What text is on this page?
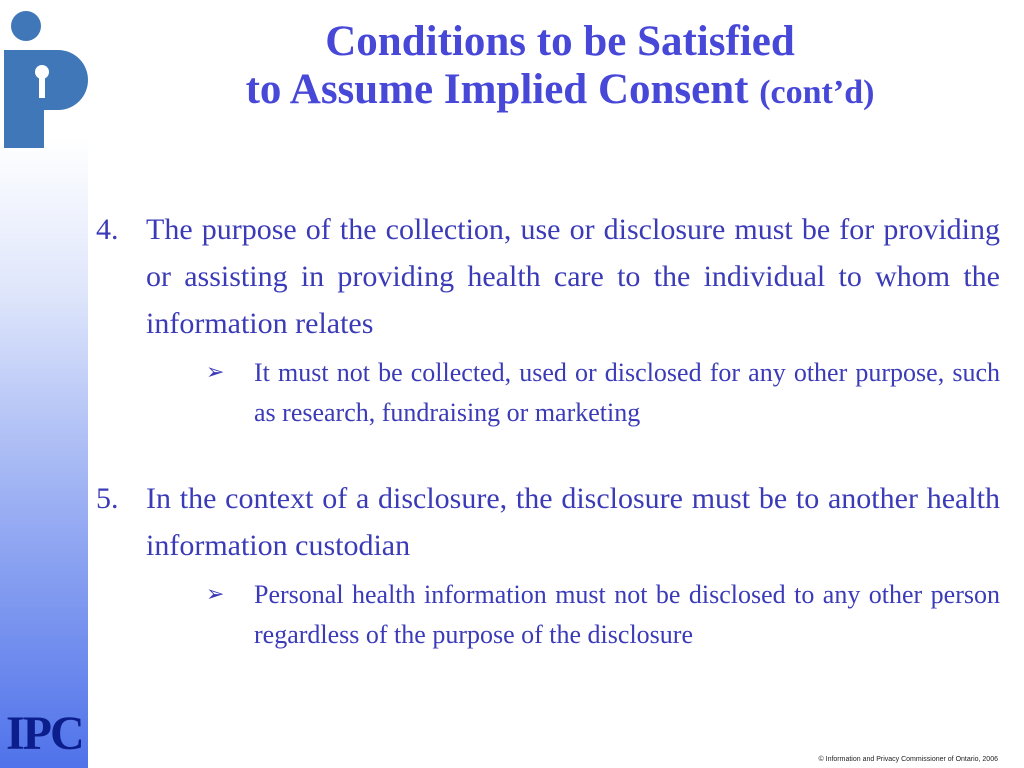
IPC
Conditions to be Satisfied
to Assume Implied Consent (cont’d)
4. The purpose of the collection, use or disclosure must be for providing or assisting in providing health care to the individual to whom the information relates
➢ It must not be collected, used or disclosed for any other purpose, such as research, fundraising or marketing
5. In the context of a disclosure, the disclosure must be to another health information custodian
➢ Personal health information must not be disclosed to any other person regardless of the purpose of the disclosure
© Information and Privacy Commissioner of Ontario, 2006
